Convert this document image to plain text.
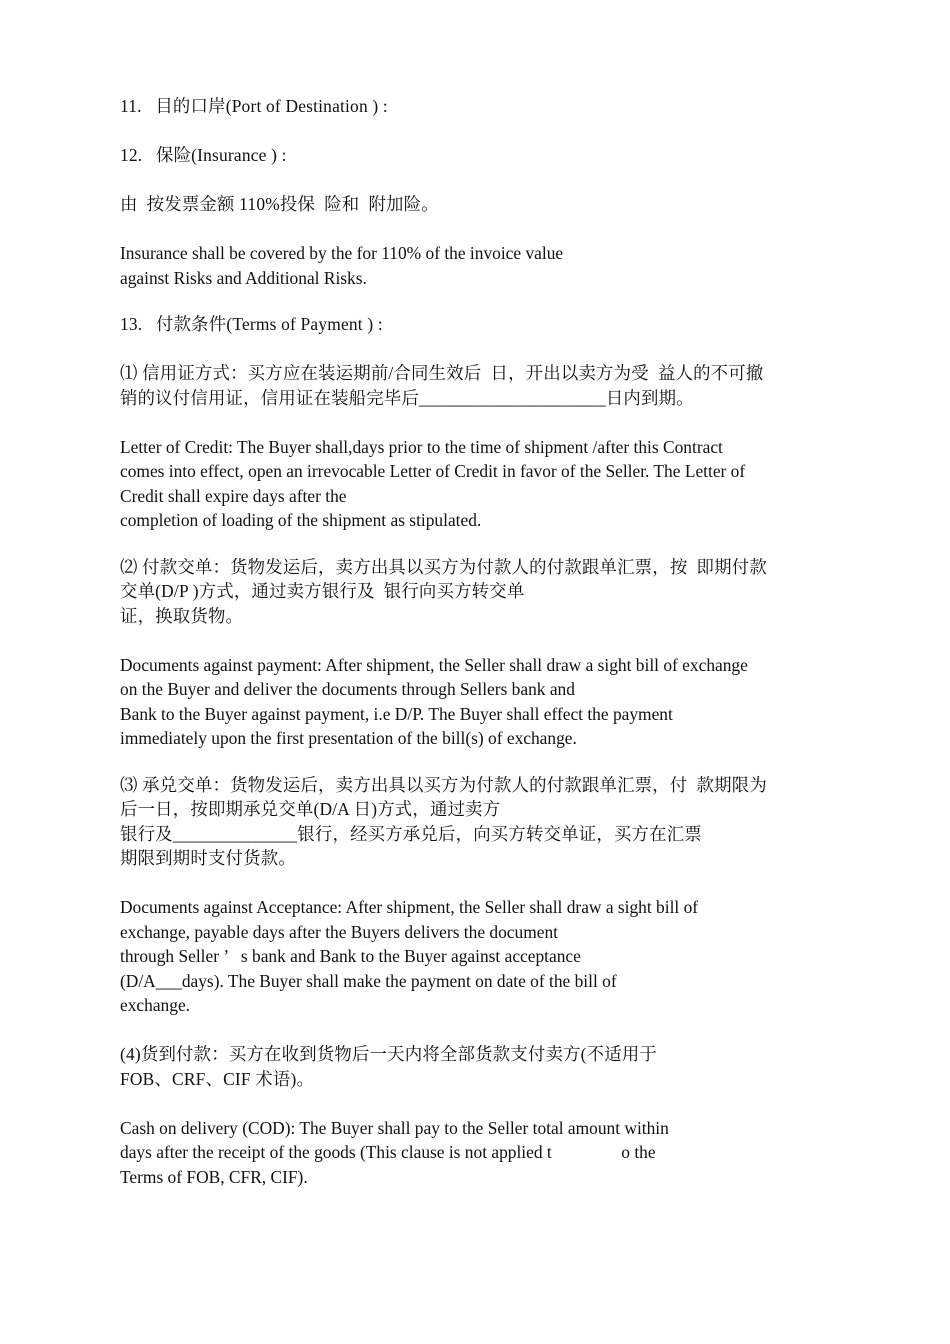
11.   目的口岸(Port of Destination ) :
12.   保险(Insurance ) :
由  按发票金额 110%投保  险和  附加险。
Insurance shall be covered by the for 110% of the invoice value
against Risks and Additional Risks.
13.   付款条件(Terms of Payment ) :
⑴ 信用证方式：买方应在装运期前/合同生效后  日，开出以卖方为受  益人的不可撤
销的议付信用证，信用证在装船完毕后_____________________日内到期。
Letter of Credit: The Buyer shall,days prior to the time of shipment /after this Contract
comes into effect, open an irrevocable Letter of Credit in favor of the Seller. The Letter of
Credit shall expire days after the
completion of loading of the shipment as stipulated.
⑵ 付款交单：货物发运后，卖方出具以买方为付款人的付款跟单汇票，按  即期付款
交单(D/P )方式，通过卖方银行及  银行向买方转交单
证，换取货物。
Documents against payment: After shipment, the Seller shall draw a sight bill of exchange
on the Buyer and deliver the documents through Sellers bank and
Bank to the Buyer against payment, i.e D/P. The Buyer shall effect the payment
immediately upon the first presentation of the bill(s) of exchange.
⑶ 承兑交单：货物发运后，卖方出具以买方为付款人的付款跟单汇票，付  款期限为
后一日，按即期承兑交单(D/A 日)方式，通过卖方
银行及______________银行，经买方承兑后，向买方转交单证，买方在汇票
期限到期时支付货款。
Documents against Acceptance: After shipment, the Seller shall draw a sight bill of
exchange, payable days after the Buyers delivers the document
through Seller ’   s bank and Bank to the Buyer against acceptance
(D/A___days). The Buyer shall make the payment on date of the bill of
exchange.
(4)货到付款：买方在收到货物后一天内将全部货款支付卖方(不适用于
FOB、CRF、CIF 术语)。
Cash on delivery (COD): The Buyer shall pay to the Seller total amount within
days after the receipt of the goods (This clause is not applied t                o the
Terms of FOB, CFR, CIF).
